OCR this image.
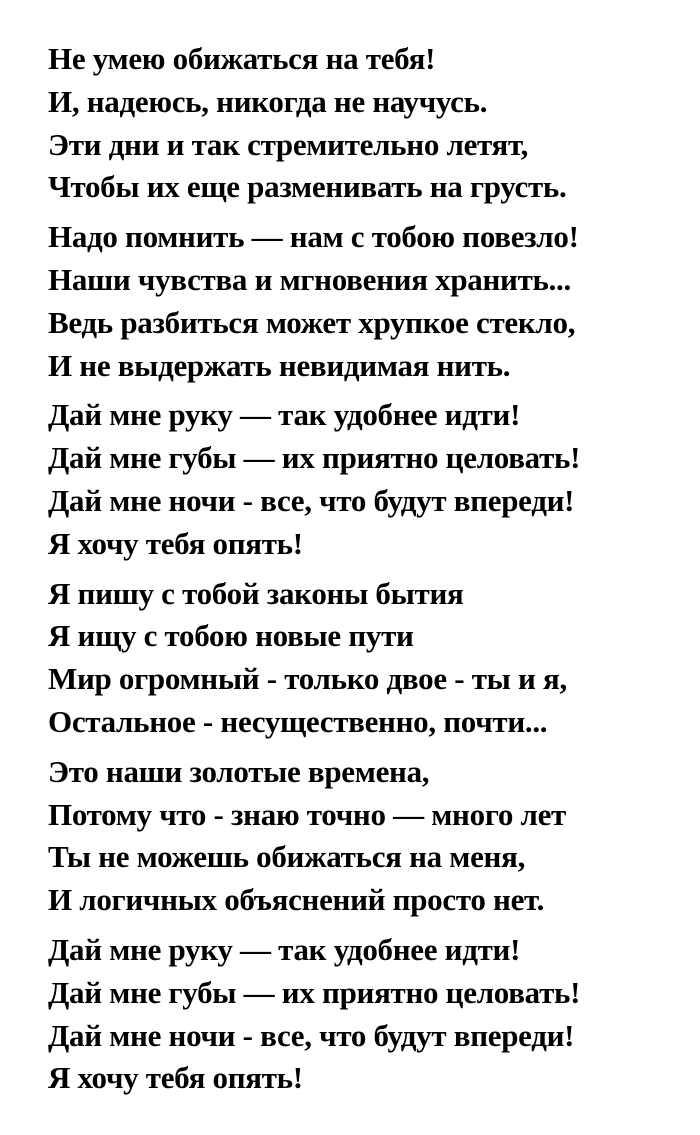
Не умею обижаться на тебя!
И, надеюсь, никогда не научусь.
Эти дни и так стремительно летят,
Чтобы их еще разменивать на грусть.
Надо помнить — нам с тобою повезло!
Наши чувства и мгновения хранить...
Ведь разбиться может хрупкое стекло,
И не выдержать невидимая нить.
Дай мне руку — так удобнее идти!
Дай мне губы — их приятно целовать!
Дай мне ночи - все, что будут впереди!
Я хочу тебя опять!
Я пишу с тобой законы бытия
Я ищу с тобою новые пути
Мир огромный - только двое - ты и я,
Остальное - несущественно, почти...
Это наши золотые времена,
Потому что - знаю точно — много лет
Ты не можешь обижаться на меня,
И логичных объяснений просто нет.
Дай мне руку — так удобнее идти!
Дай мне губы — их приятно целовать!
Дай мне ночи - все, что будут впереди!
Я хочу тебя опять!
